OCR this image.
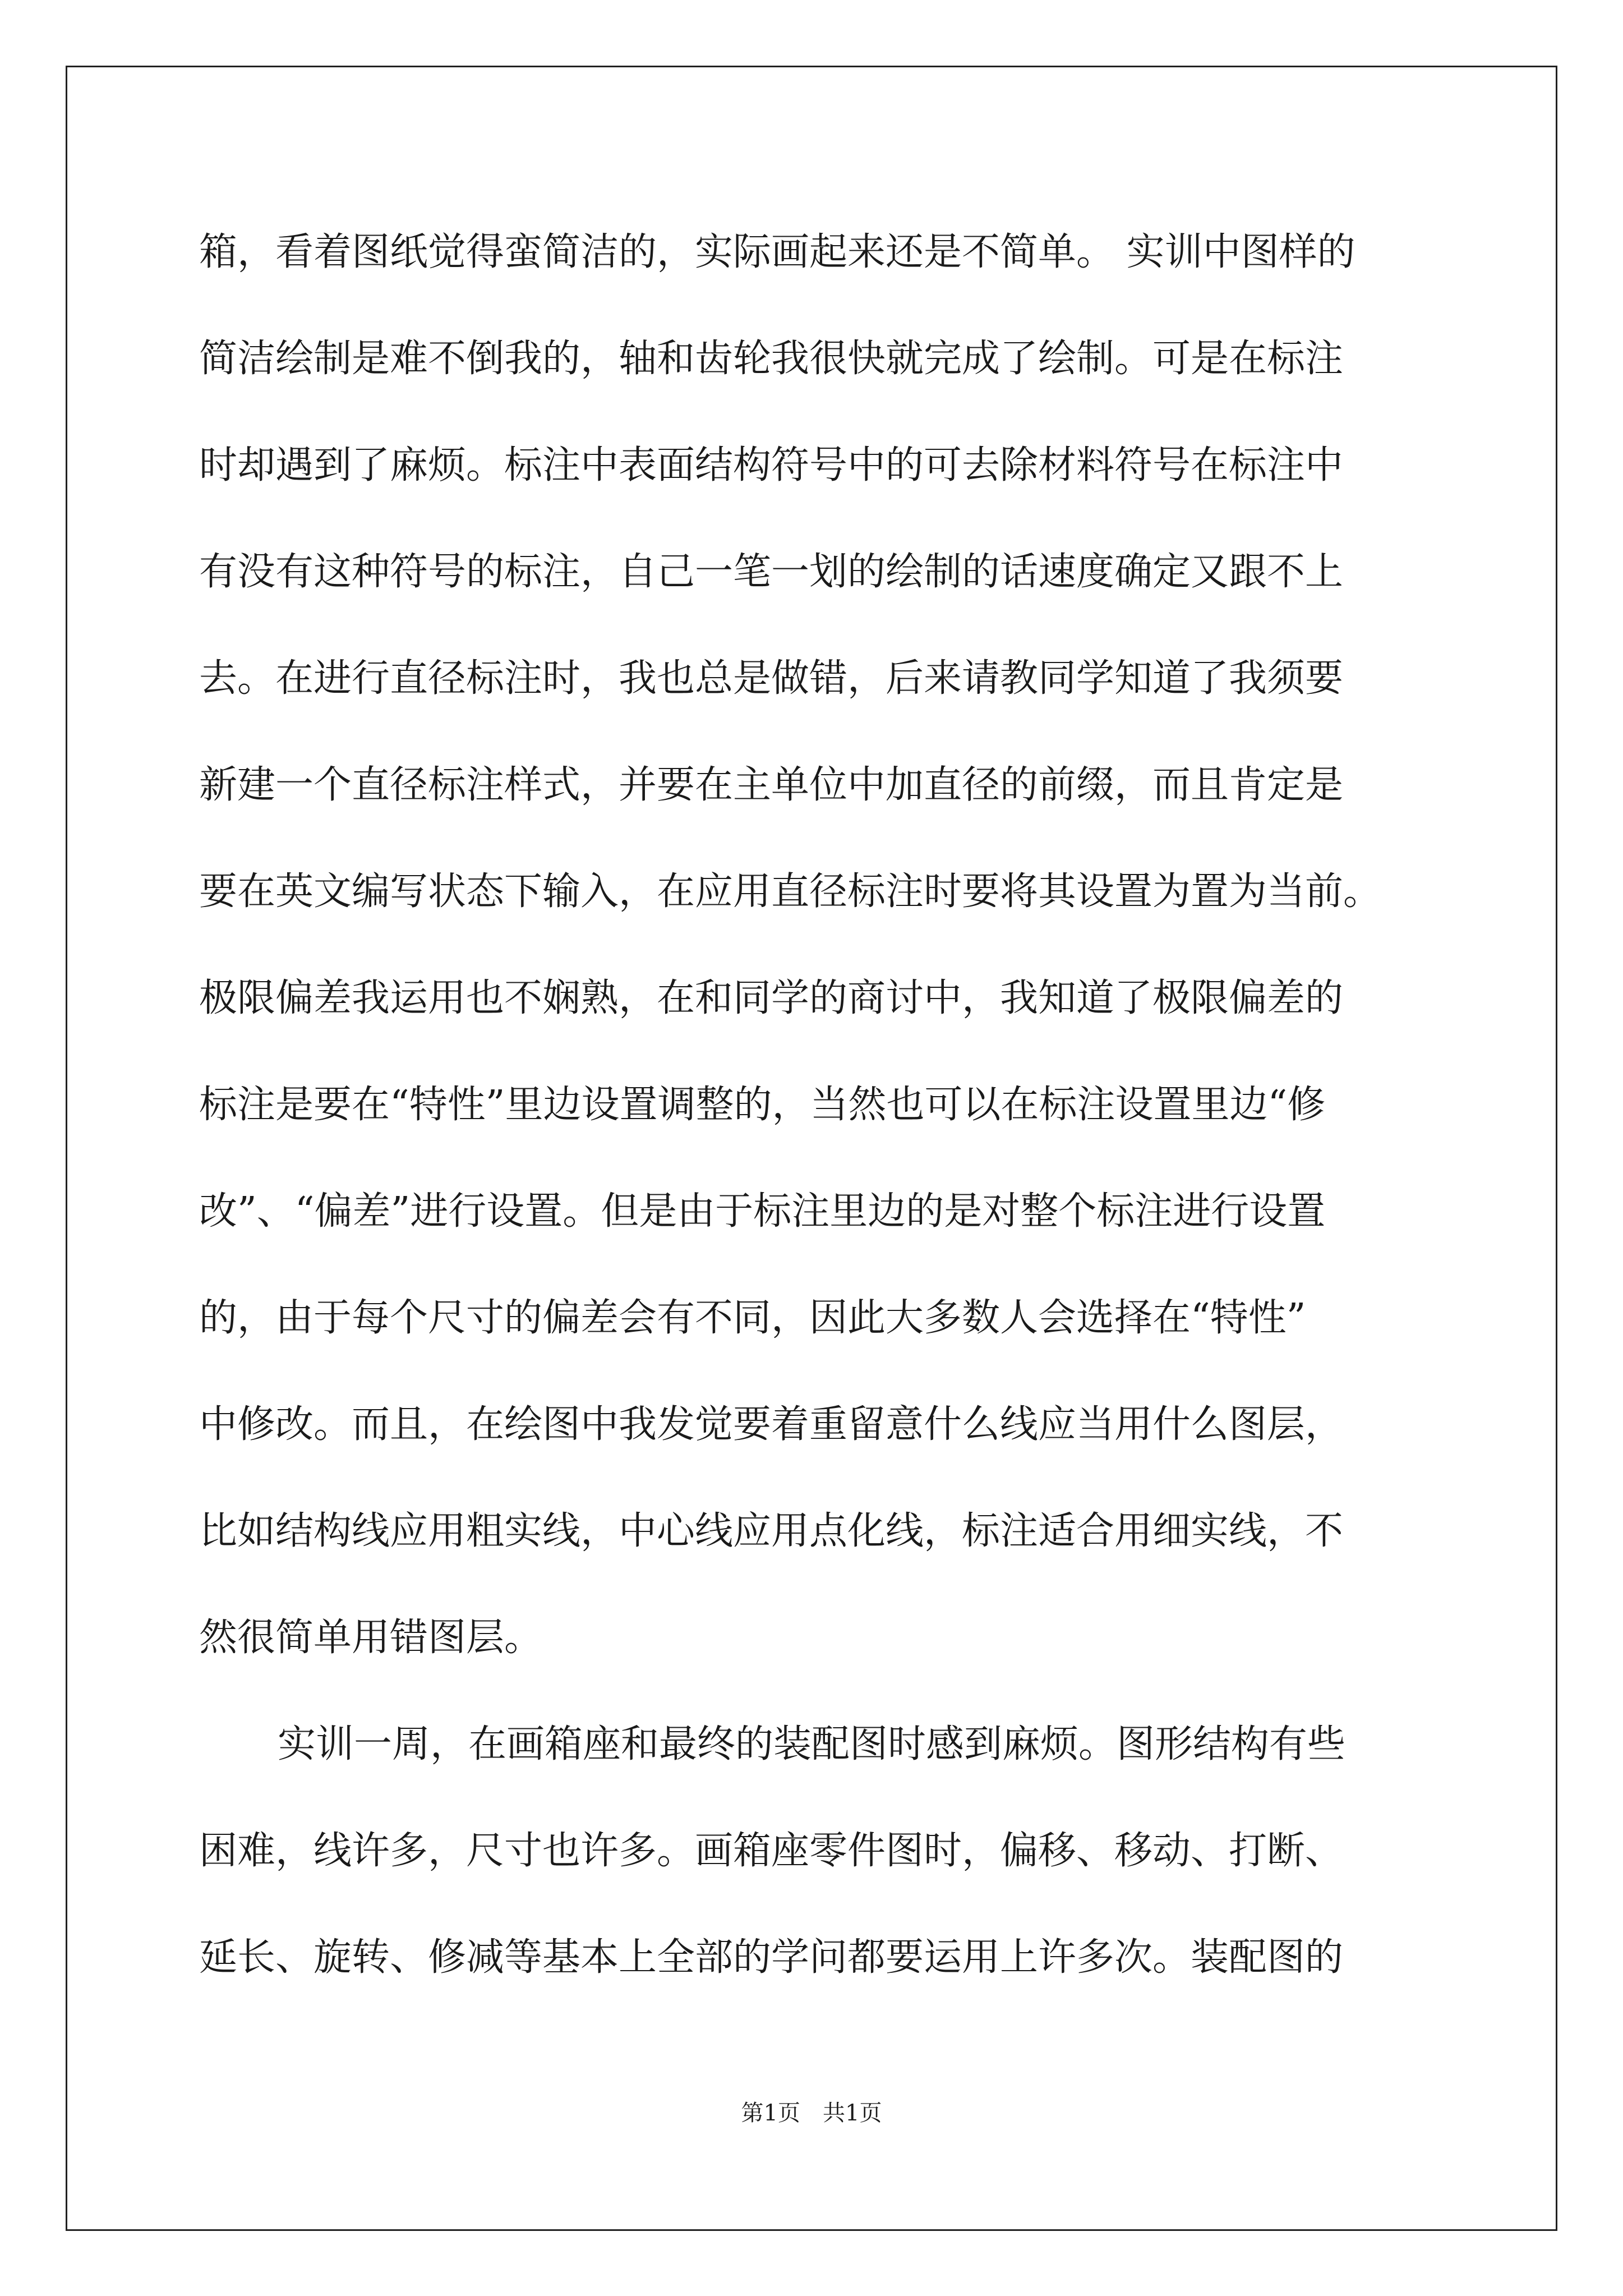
箱，看着图纸觉得蛮简洁的，实际画起来还是不简单。 实训中图样的
简洁绘制是难不倒我的，轴和齿轮我很快就完成了绘制。可是在标注
时却遇到了麻烦。标注中表面结构符号中的可去除材料符号在标注中
有没有这种符号的标注，自己一笔一划的绘制的话速度确定又跟不上
去。在进行直径标注时，我也总是做错，后来请教同学知道了我须要
新建一个直径标注样式，并要在主单位中加直径的前缀，而且肯定是
要在英文编写状态下输入，在应用直径标注时要将其设置为置为当前。
极限偏差我运用也不娴熟，在和同学的商讨中，我知道了极限偏差的
标注是要在“特性”里边设置调整的，当然也可以在标注设置里边“修
改”、“偏差”进行设置。但是由于标注里边的是对整个标注进行设置
的，由于每个尺寸的偏差会有不同，因此大多数人会选择在“特性”
中修改。而且，在绘图中我发觉要着重留意什么线应当用什么图层，
比如结构线应用粗实线，中心线应用点化线，标注适合用细实线，不
然很简单用错图层。
实训一周，在画箱座和最终的装配图时感到麻烦。图形结构有些
困难，线许多，尺寸也许多。画箱座零件图时，偏移、移动、打断、
延长、旋转、修减等基本上全部的学问都要运用上许多次。装配图的
第1页　共1页
